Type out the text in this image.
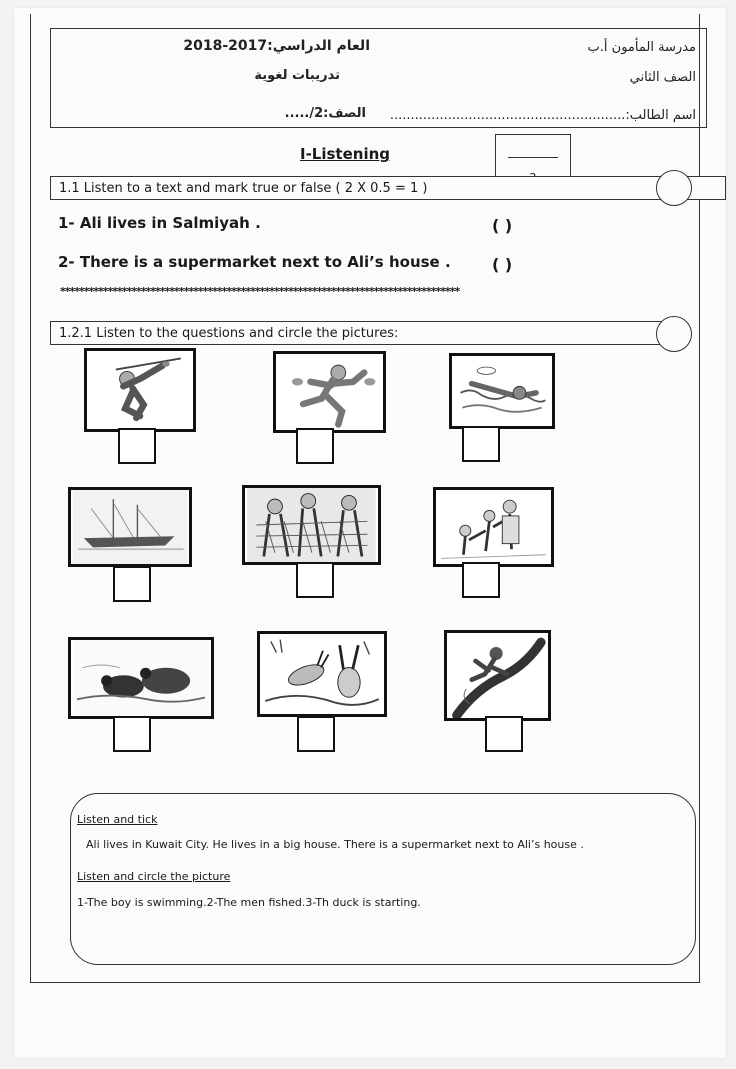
مدرسة المأمون أ.ب
الصف الثاني
اسم الطالب:.........................................................
العام الدراسي:2017-2018
تدريبات لغوية
الصف:2/.....
I-Listening
1.1 Listen to a text and mark true or false ( 2 X 0.5 = 1 )
1- Ali lives in Salmiyah .	( )
2- There is a supermarket next to Ali’s house .	( )
************************************************************************************
1.2.1 Listen to the questions and circle the pictures:
Listen and tick
Ali lives in Kuwait City. He lives in a big house. There is a supermarket next to Ali’s house .
Listen and circle the picture
1-The boy is swimming.2-The men fished.3-Th duck is starting.
